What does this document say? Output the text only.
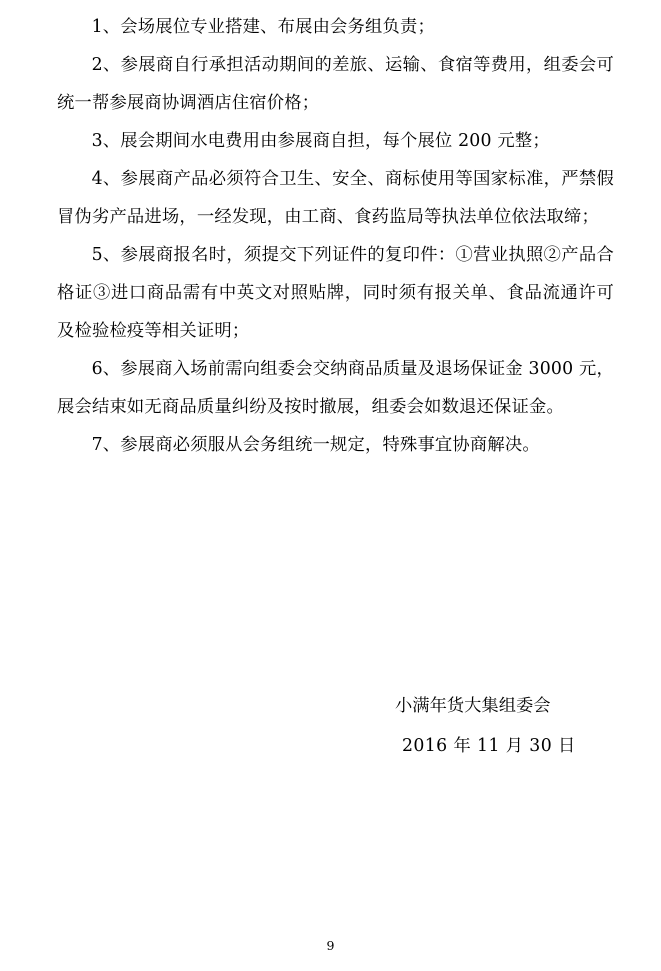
1、会场展位专业搭建、布展由会务组负责；

2、参展商自行承担活动期间的差旅、运输、食宿等费用，组委会可统一帮参展商协调酒店住宿价格；

3、展会期间水电费用由参展商自担，每个展位 200 元整；

4、参展商产品必须符合卫生、安全、商标使用等国家标准，严禁假冒伪劣产品进场，一经发现，由工商、食药监局等执法单位依法取缔；

5、参展商报名时，须提交下列证件的复印件：①营业执照②产品合格证③进口商品需有中英文对照贴牌，同时须有报关单、食品流通许可及检验检疫等相关证明；

6、参展商入场前需向组委会交纳商品质量及退场保证金 3000 元，展会结束如无商品质量纠纷及按时撤展，组委会如数退还保证金。

7、参展商必须服从会务组统一规定，特殊事宜协商解决。

小满年货大集组委会

2016 年 11 月 30 日

9
